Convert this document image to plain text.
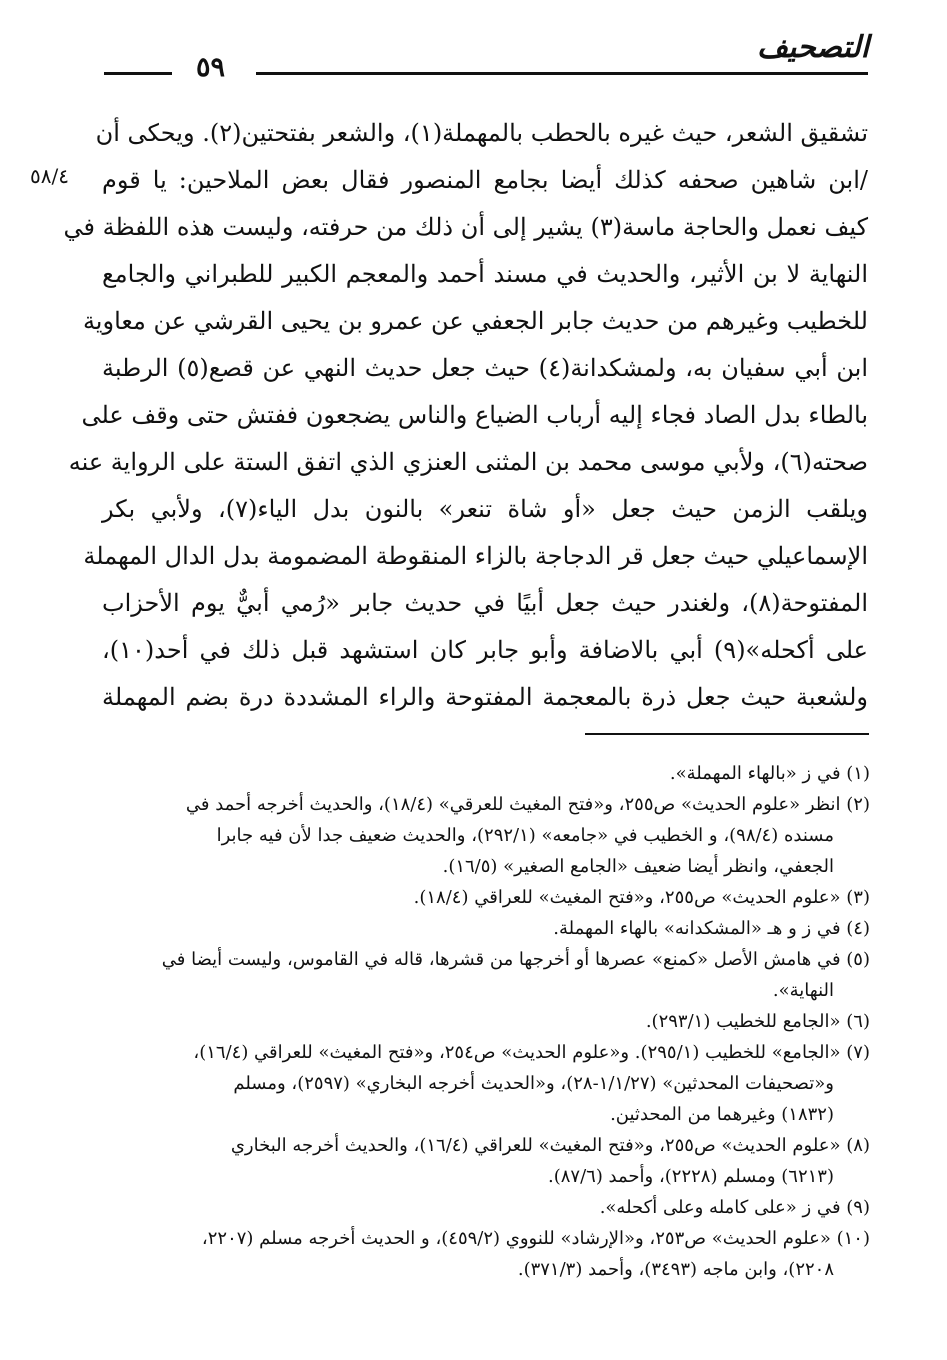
التصحيف
٥٩
٥٨/٤
تشقيق الشعر، حيث غيره بالحطب بالمهملة(١)، والشعر بفتحتين(٢). ويحكى أن
/ابن شاهين صحفه كذلك أيضا بجامع المنصور فقال بعض الملاحين: يا قوم
كيف نعمل والحاجة ماسة(٣) يشير إلى أن ذلك من حرفته، وليست هذه اللفظة في
النهاية لا بن الأثير، والحديث في مسند أحمد والمعجم الكبير للطبراني والجامع
للخطيب وغيرهم من حديث جابر الجعفي عن عمرو بن يحيى القرشي عن معاوية
ابن أبي سفيان به، ولمشكدانة(٤) حيث جعل حديث النهي عن قصع(٥) الرطبة
بالطاء بدل الصاد فجاء إليه أرباب الضياع والناس يضجعون ففتش حتى وقف على
صحته(٦)، ولأبي موسى محمد بن المثنى العنزي الذي اتفق الستة على الرواية عنه
ويلقب الزمن حيث جعل «أو شاة تنعر» بالنون بدل الياء(٧)، ولأبي بكر
الإسماعيلي حيث جعل قر الدجاجة بالزاء المنقوطة المضمومة بدل الدال المهملة
المفتوحة(٨)، ولغندر حيث جعل أبيًا في حديث جابر «رُمي أبيٌّ يوم الأحزاب
على أكحله»(٩) أبي بالاضافة وأبو جابر كان استشهد قبل ذلك في أحد(١٠)،
ولشعبة حيث جعل ذرة بالمعجمة المفتوحة والراء المشددة درة بضم المهملة
(١) في ز «بالهاء المهملة».
(٢) انظر «علوم الحديث» ص٢٥٥، و«فتح المغيث للعرقي» (١٨/٤)، والحديث أخرجه أحمد في
مسنده (٩٨/٤)، و الخطيب في «جامعه» (٢٩٢/١)، والحديث ضعيف جدا لأن فيه جابرا
الجعفي، وانظر أيضا ضعيف «الجامع الصغير» (١٦/٥).
(٣) «علوم الحديث» ص٢٥٥، و«فتح المغيث» للعراقي (١٨/٤).
(٤) في ز و هـ «المشكدانه» بالهاء المهملة.
(٥) في هامش الأصل «كمنع» عصرها أو أخرجها من قشرها، قاله في القاموس، وليست أيضا في
النهاية».
(٦) «الجامع للخطيب (٢٩٣/١).
(٧) «الجامع» للخطيب (٢٩٥/١). و«علوم الحديث» ص٢٥٤، و«فتح المغيث» للعراقي (١٦/٤)،
و«تصحيفات المحدثين» (١/١/٢٧-٢٨)، و«الحديث أخرجه البخاري» (٢٥٩٧)، ومسلم
(١٨٣٢) وغيرهما من المحدثين.
(٨) «علوم الحديث» ص٢٥٥، و«فتح المغيث» للعراقي (١٦/٤)، والحديث أخرجه البخاري
(٦٢١٣) ومسلم (٢٢٢٨)، وأحمد (٨٧/٦).
(٩) في ز «على كامله وعلى أكحله».
(١٠) «علوم الحديث» ص٢٥٣، و«الإرشاد» للنووي (٤٥٩/٢)، و الحديث أخرجه مسلم (٢٢٠٧،
٢٢٠٨)، وابن ماجه (٣٤٩٣)، وأحمد (٣٧١/٣).
